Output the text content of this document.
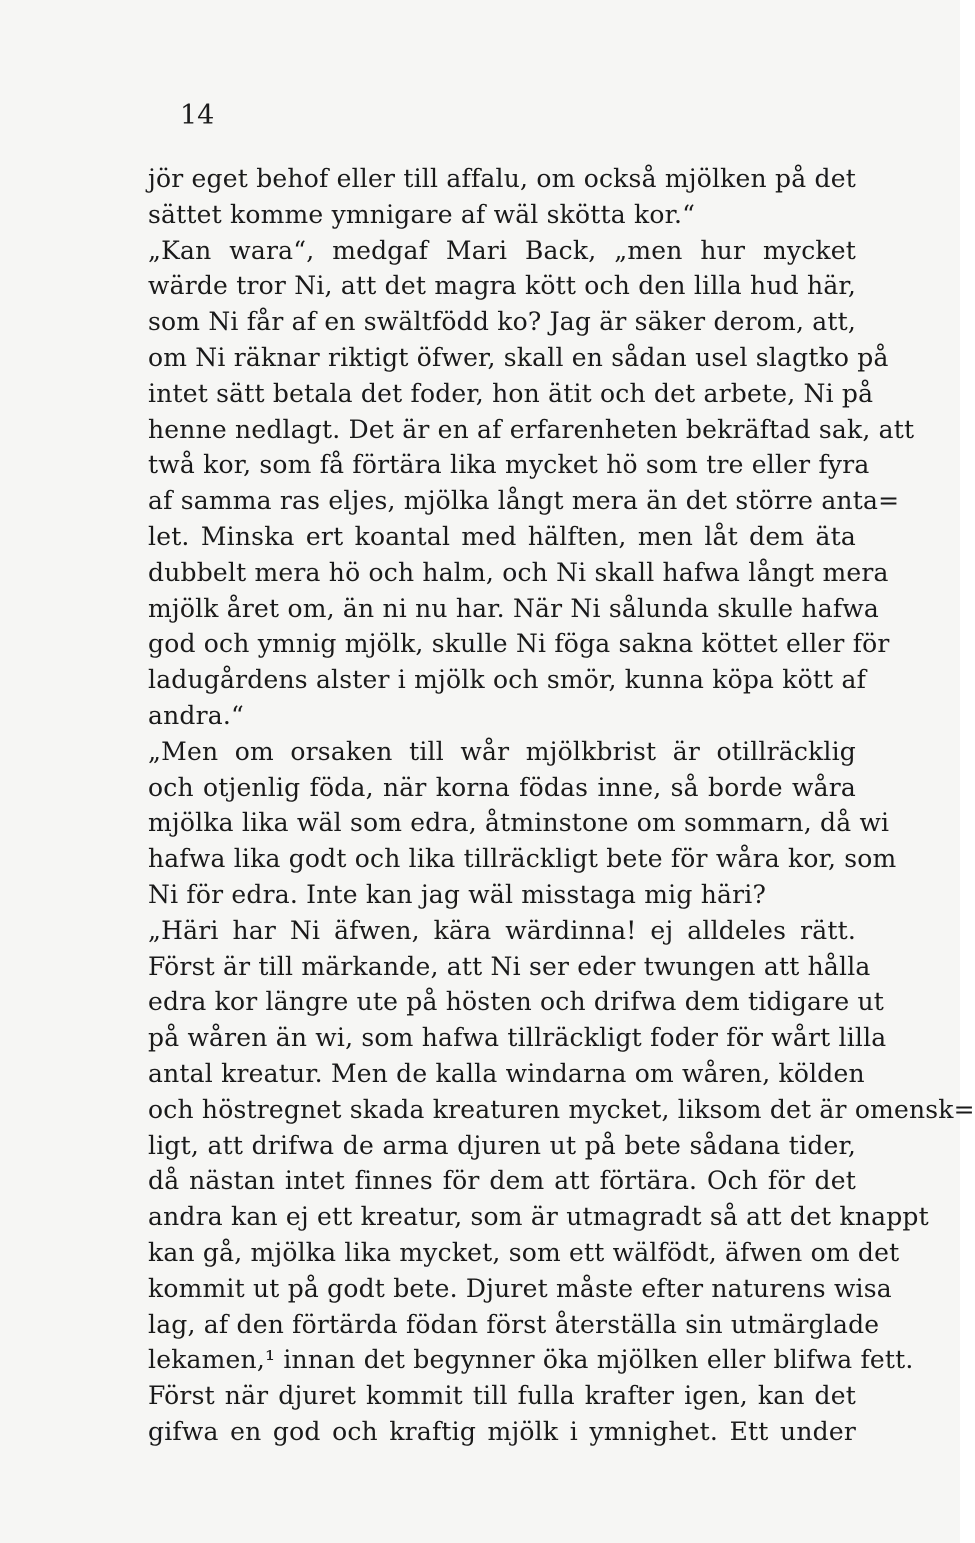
14
jör eget behof eller till affalu, om också mjölken på det
sättet komme ymnigare af wäl skötta kor.“
„Kan wara“, medgaf Mari Back, „men hur mycket
wärde tror Ni, att det magra kött och den lilla hud här,
som Ni får af en swältfödd ko? Jag är säker derom, att,
om Ni räknar riktigt öfwer, skall en sådan usel slagtko på
intet sätt betala det foder, hon ätit och det arbete, Ni på
henne nedlagt. Det är en af erfarenheten bekräftad sak, att
twå kor, som få förtära lika mycket hö som tre eller fyra
af samma ras eljes, mjölka långt mera än det större anta=
let. Minska ert koantal med hälften, men låt dem äta
dubbelt mera hö och halm, och Ni skall hafwa långt mera
mjölk året om, än ni nu har. När Ni sålunda skulle hafwa
god och ymnig mjölk, skulle Ni föga sakna köttet eller för
ladugårdens alster i mjölk och smör, kunna köpa kött af
andra.“
„Men om orsaken till wår mjölkbrist är otillräcklig
och otjenlig föda, när korna födas inne, så borde wåra
mjölka lika wäl som edra, åtminstone om sommarn, då wi
hafwa lika godt och lika tillräckligt bete för wåra kor, som
Ni för edra. Inte kan jag wäl misstaga mig häri?
„Häri har Ni äfwen, kära wärdinna! ej alldeles rätt.
Först är till märkande, att Ni ser eder twungen att hålla
edra kor längre ute på hösten och drifwa dem tidigare ut
på wåren än wi, som hafwa tillräckligt foder för wårt lilla
antal kreatur. Men de kalla windarna om wåren, kölden
och höstregnet skada kreaturen mycket, liksom det är omensk=
ligt, att drifwa de arma djuren ut på bete sådana tider,
då nästan intet finnes för dem att förtära. Och för det
andra kan ej ett kreatur, som är utmagradt så att det knappt
kan gå, mjölka lika mycket, som ett wälfödt, äfwen om det
kommit ut på godt bete. Djuret måste efter naturens wisa
lag, af den förtärda födan först återställa sin utmärglade
lekamen,¹ innan det begynner öka mjölken eller blifwa fett.
Först när djuret kommit till fulla krafter igen, kan det
gifwa en god och kraftig mjölk i ymnighet. Ett under
